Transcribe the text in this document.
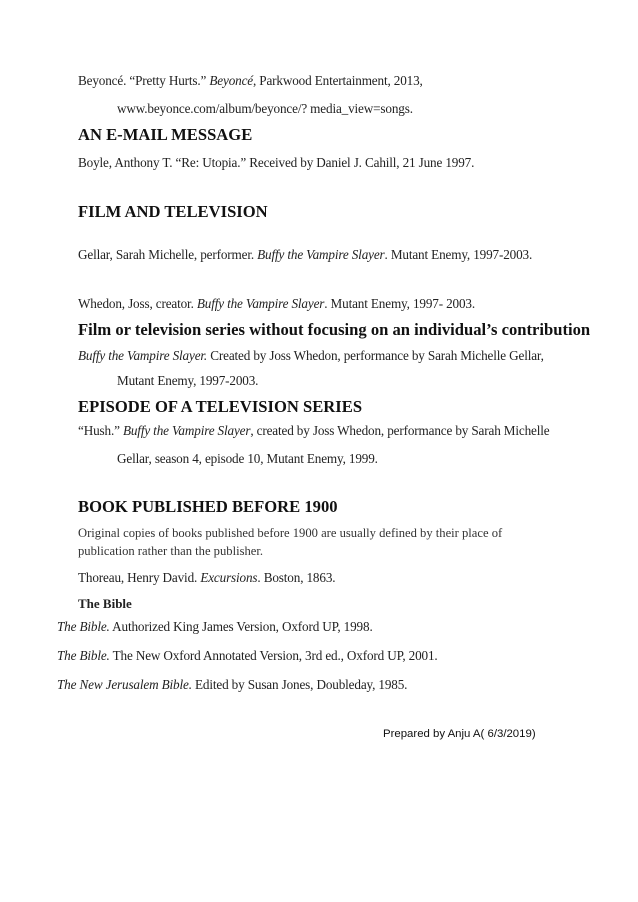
Beyoncé. “Pretty Hurts.” Beyoncé, Parkwood Entertainment, 2013,
www.beyonce.com/album/beyonce/? media_view=songs.
AN E-MAIL MESSAGE
Boyle, Anthony T. “Re: Utopia.” Received by Daniel J. Cahill, 21 June 1997.
FILM AND TELEVISION
Gellar, Sarah Michelle, performer. Buffy the Vampire Slayer. Mutant Enemy, 1997-2003.
Whedon, Joss, creator. Buffy the Vampire Slayer. Mutant Enemy, 1997- 2003.
Film or television series without focusing on an individual’s contribution
Buffy the Vampire Slayer. Created by Joss Whedon, performance by Sarah Michelle Gellar,
Mutant Enemy, 1997-2003.
EPISODE OF A TELEVISION SERIES
“Hush.” Buffy the Vampire Slayer, created by Joss Whedon, performance by Sarah Michelle
Gellar, season 4, episode 10, Mutant Enemy, 1999.
BOOK PUBLISHED BEFORE 1900
Original copies of books published before 1900 are usually defined by their place of
publication rather than the publisher.
Thoreau, Henry David. Excursions. Boston, 1863.
The Bible
The Bible. Authorized King James Version, Oxford UP, 1998.
The Bible. The New Oxford Annotated Version, 3rd ed., Oxford UP, 2001.
The New Jerusalem Bible. Edited by Susan Jones, Doubleday, 1985.
Prepared by Anju A( 6/3/2019)
